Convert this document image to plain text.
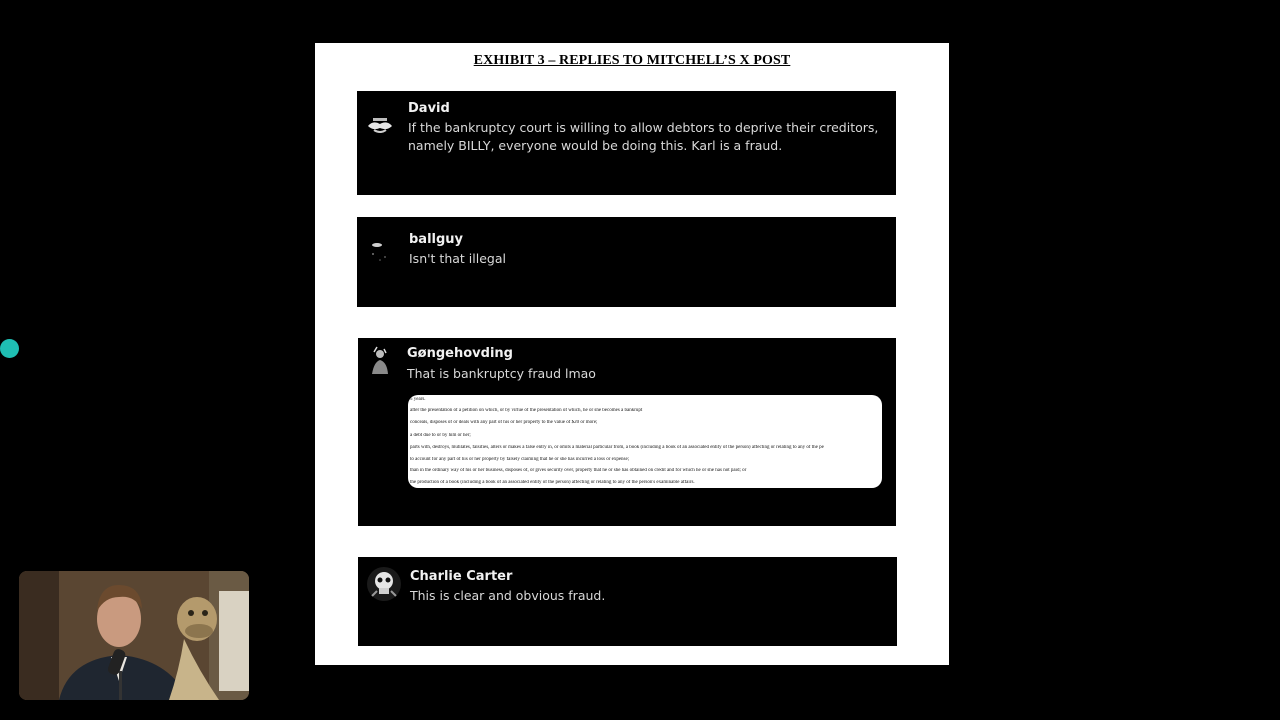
EXHIBIT 3 – REPLIES TO MITCHELL’S X POST
David
If the bankruptcy court is willing to allow debtors to deprive their creditors,
namely BILLY, everyone would be doing this. Karl is a fraud.
ballguy
Isn't that illegal
Gøngehovding
That is bankruptcy fraud lmao
5 years.
after the presentation of a petition on which, or by virtue of the presentation of which, he or she becomes a bankrupt
conceals, disposes of or deals with any part of his or her property to the value of $20 or more;
a debt due to or by him or her;
parts with, destroys, mutilates, falsifies, alters or makes a false entry in, or omits a material particular from, a book (including a book of an associated entity of the person) affecting or relating to any of the pe
to account for any part of his or her property by falsely claiming that he or she has incurred a loss or expense;
than in the ordinary way of his or her business, disposes of, or gives security over, property that he or she has obtained on credit and for which he or she has not paid; or
the production of a book (including a book of an associated entity of the person) affecting or relating to any of the person's examinable affairs.
Charlie Carter
This is clear and obvious fraud.
